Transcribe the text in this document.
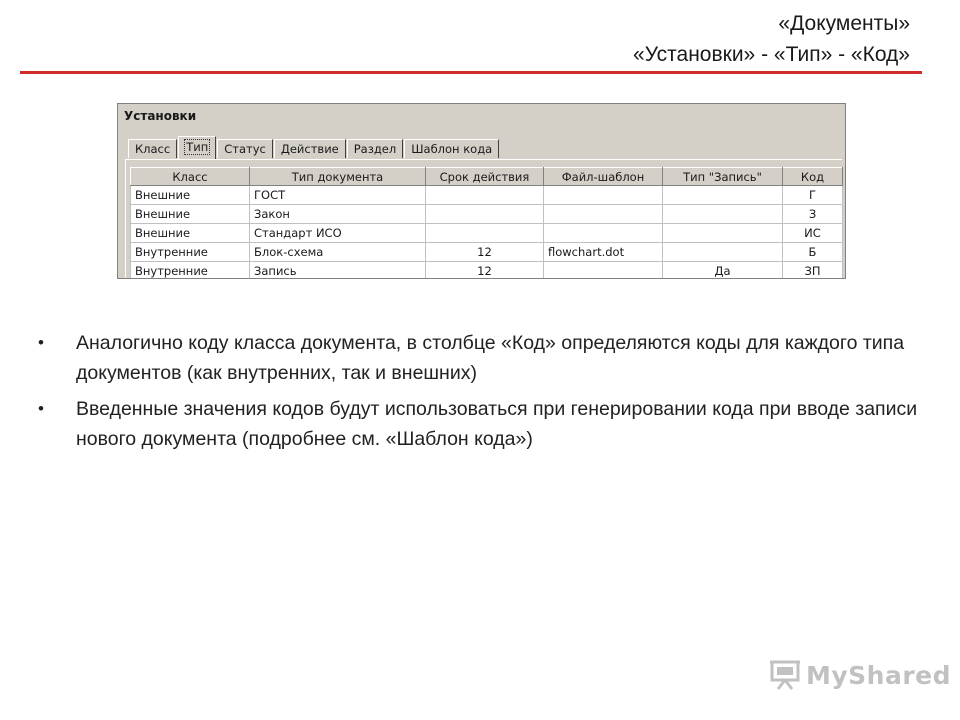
«Документы»
«Установки» - «Тип» - «Код»
Установки
Класс	Тип	Статус	Действие	Раздел	Шаблон кода
Класс	Тип документа	Срок действия	Файл-шаблон	Тип "Запись"	Код
Внешние	ГОСТ				Г
Внешние	Закон				З
Внешние	Стандарт ИСО				ИС
Внутренние	Блок-схема	12	flowchart.dot		Б
Внутренние	Запись	12		Да	ЗП
• Аналогично коду класса документа, в столбце «Код» определяются коды для каждого типа документов (как внутренних, так и внешних)
• Введенные значения кодов будут использоваться при генерировании кода при вводе записи нового документа (подробнее см. «Шаблон кода»)
MyShared
